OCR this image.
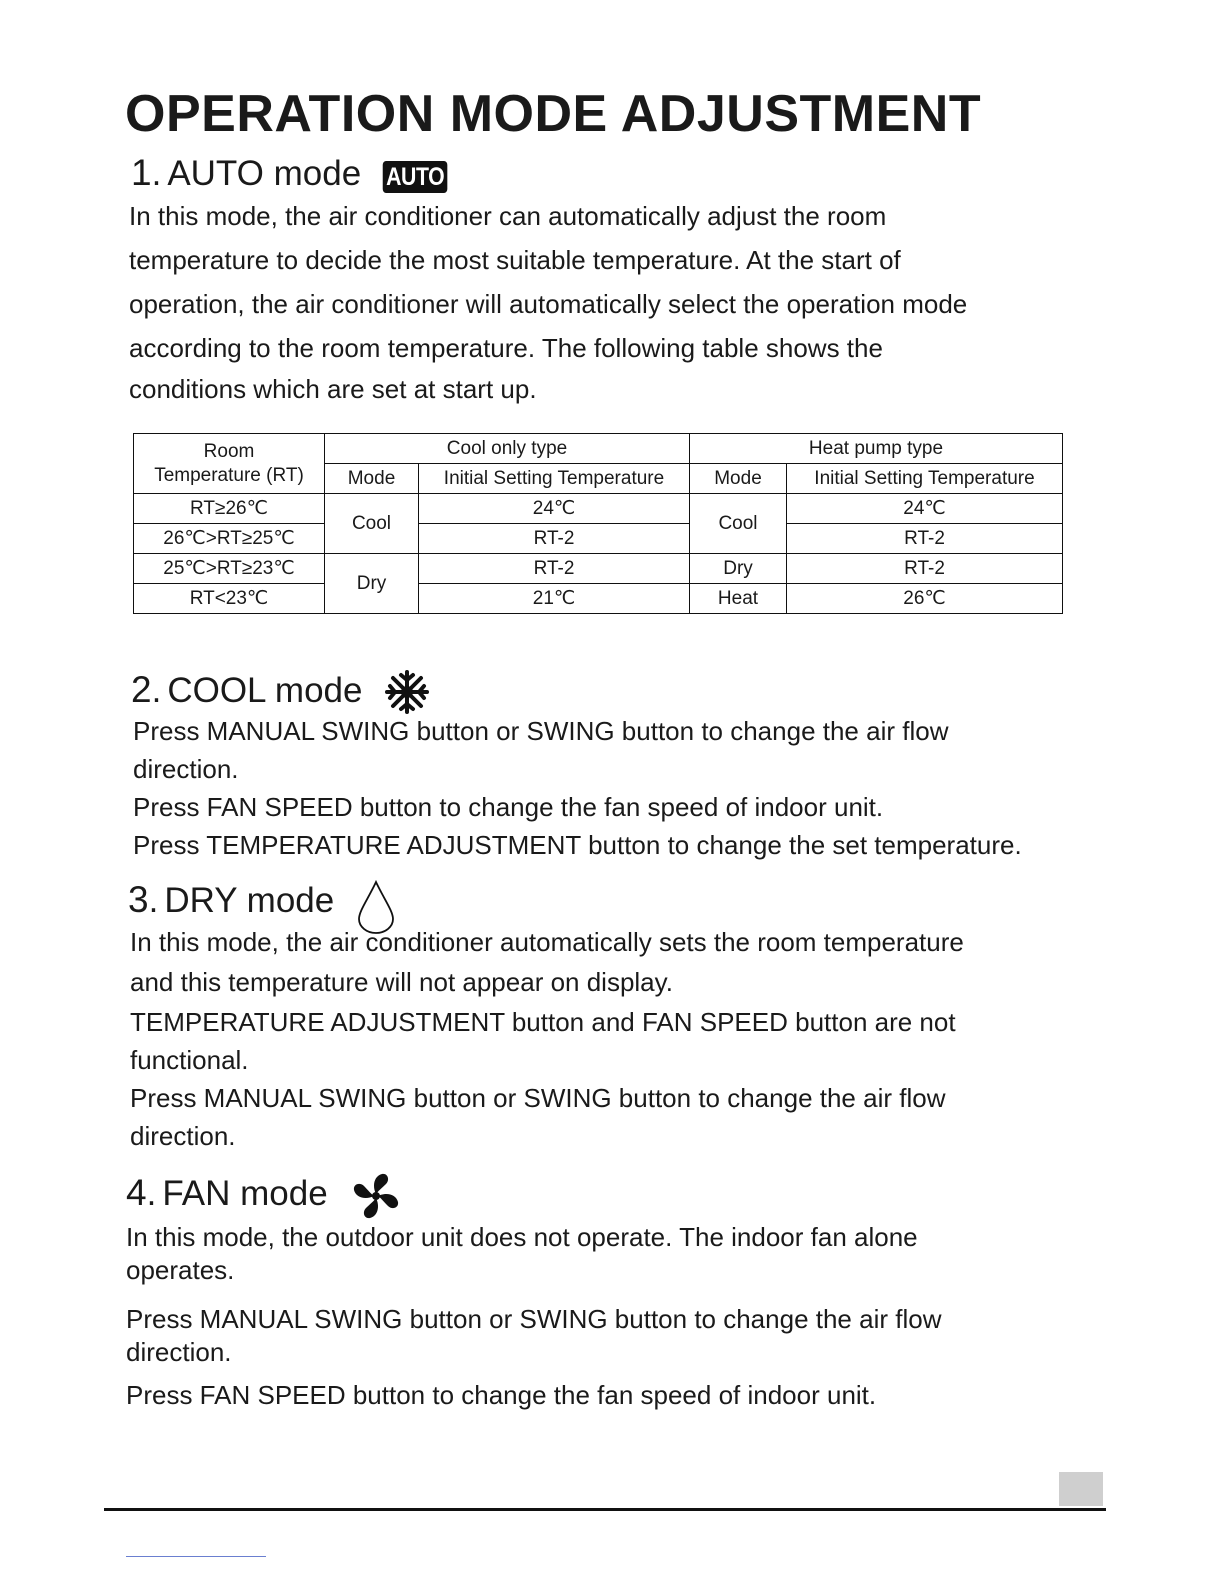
OPERATION MODE ADJUSTMENT
1 . AUTO mode AUTO
In this mode, the air conditioner can automatically adjust the room
temperature to decide the most suitable temperature. At the start of
operation, the air conditioner will automatically select the operation mode
according to the room temperature. The following table shows the
conditions which are set at start up.
Room
Temperature (RT)	Cool only type		Heat pump type	
	Mode	Initial Setting Temperature	Mode	Initial Setting Temperature
RT≥26℃	Cool	24℃	Cool	24℃
26℃>RT≥25℃		RT-2		RT-2
25℃>RT≥23℃	Dry	RT-2	Dry	RT-2
RT<23℃		21℃	Heat	26℃
2 . COOL mode
Press MANUAL SWING button or SWING button to change the air flow
direction.
Press FAN SPEED button to change the fan speed of indoor unit.
Press TEMPERATURE ADJUSTMENT button to change the set temperature.
3 . DRY mode
In this mode, the air conditioner automatically sets the room temperature
and this temperature will not appear on display.
TEMPERATURE ADJUSTMENT button and FAN SPEED button are not
functional.
Press MANUAL SWING button or SWING button to change the air flow
direction.
4 . FAN mode
In this mode, the outdoor unit does not operate. The indoor fan alone
operates.
Press MANUAL SWING button or SWING button to change the air flow
direction.
Press FAN SPEED button to change the fan speed of indoor unit.
